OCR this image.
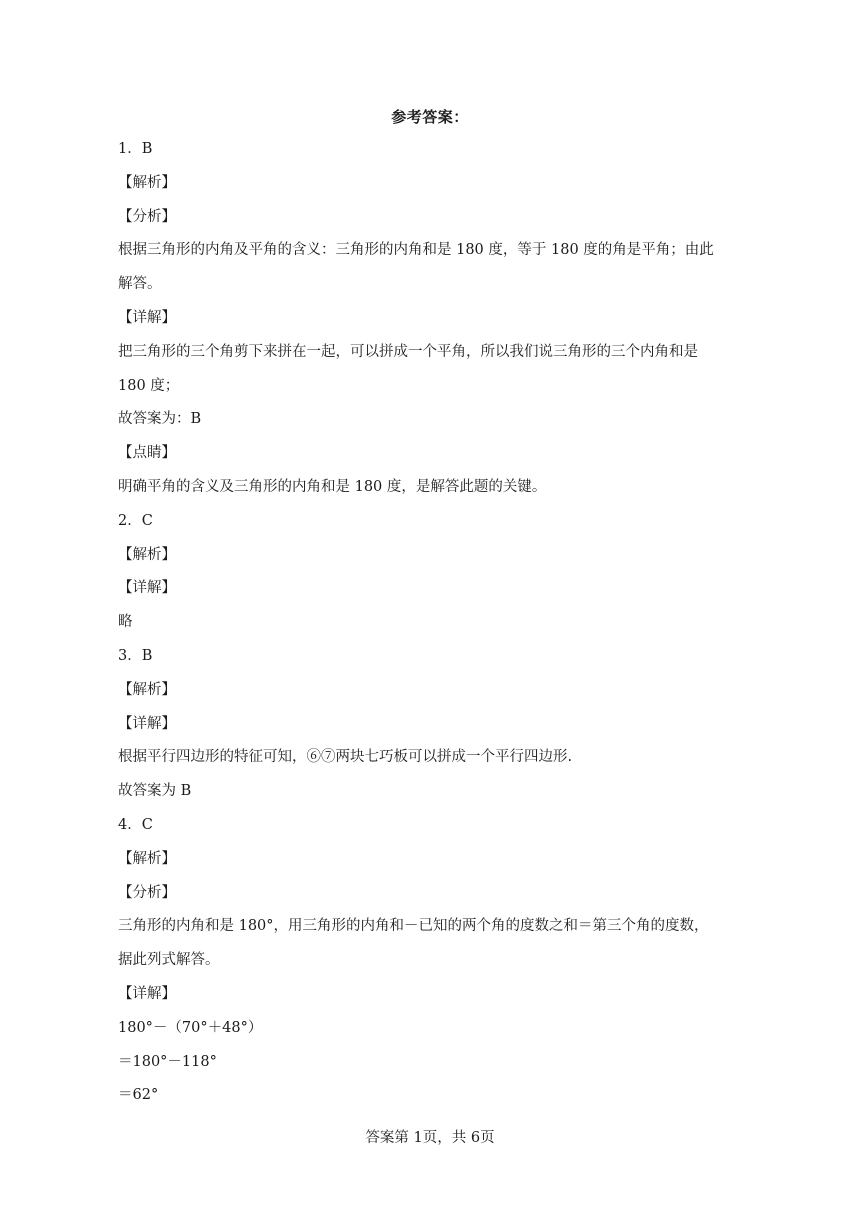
参考答案：
1．B
【解析】
【分析】
根据三角形的内角及平角的含义：三角形的内角和是 180 度，等于 180 度的角是平角；由此
解答。
【详解】
把三角形的三个角剪下来拼在一起，可以拼成一个平角，所以我们说三角形的三个内角和是
180 度；
故答案为：B
【点睛】
明确平角的含义及三角形的内角和是 180 度，是解答此题的关键。
2．C
【解析】
【详解】
略
3．B
【解析】
【详解】
根据平行四边形的特征可知，⑥⑦两块七巧板可以拼成一个平行四边形.
故答案为 B
4．C
【解析】
【分析】
三角形的内角和是 180°，用三角形的内角和－已知的两个角的度数之和＝第三个角的度数，
据此列式解答。
【详解】
180°－（70°＋48°）
＝180°－118°
＝62°
答案第 1页，共 6页
